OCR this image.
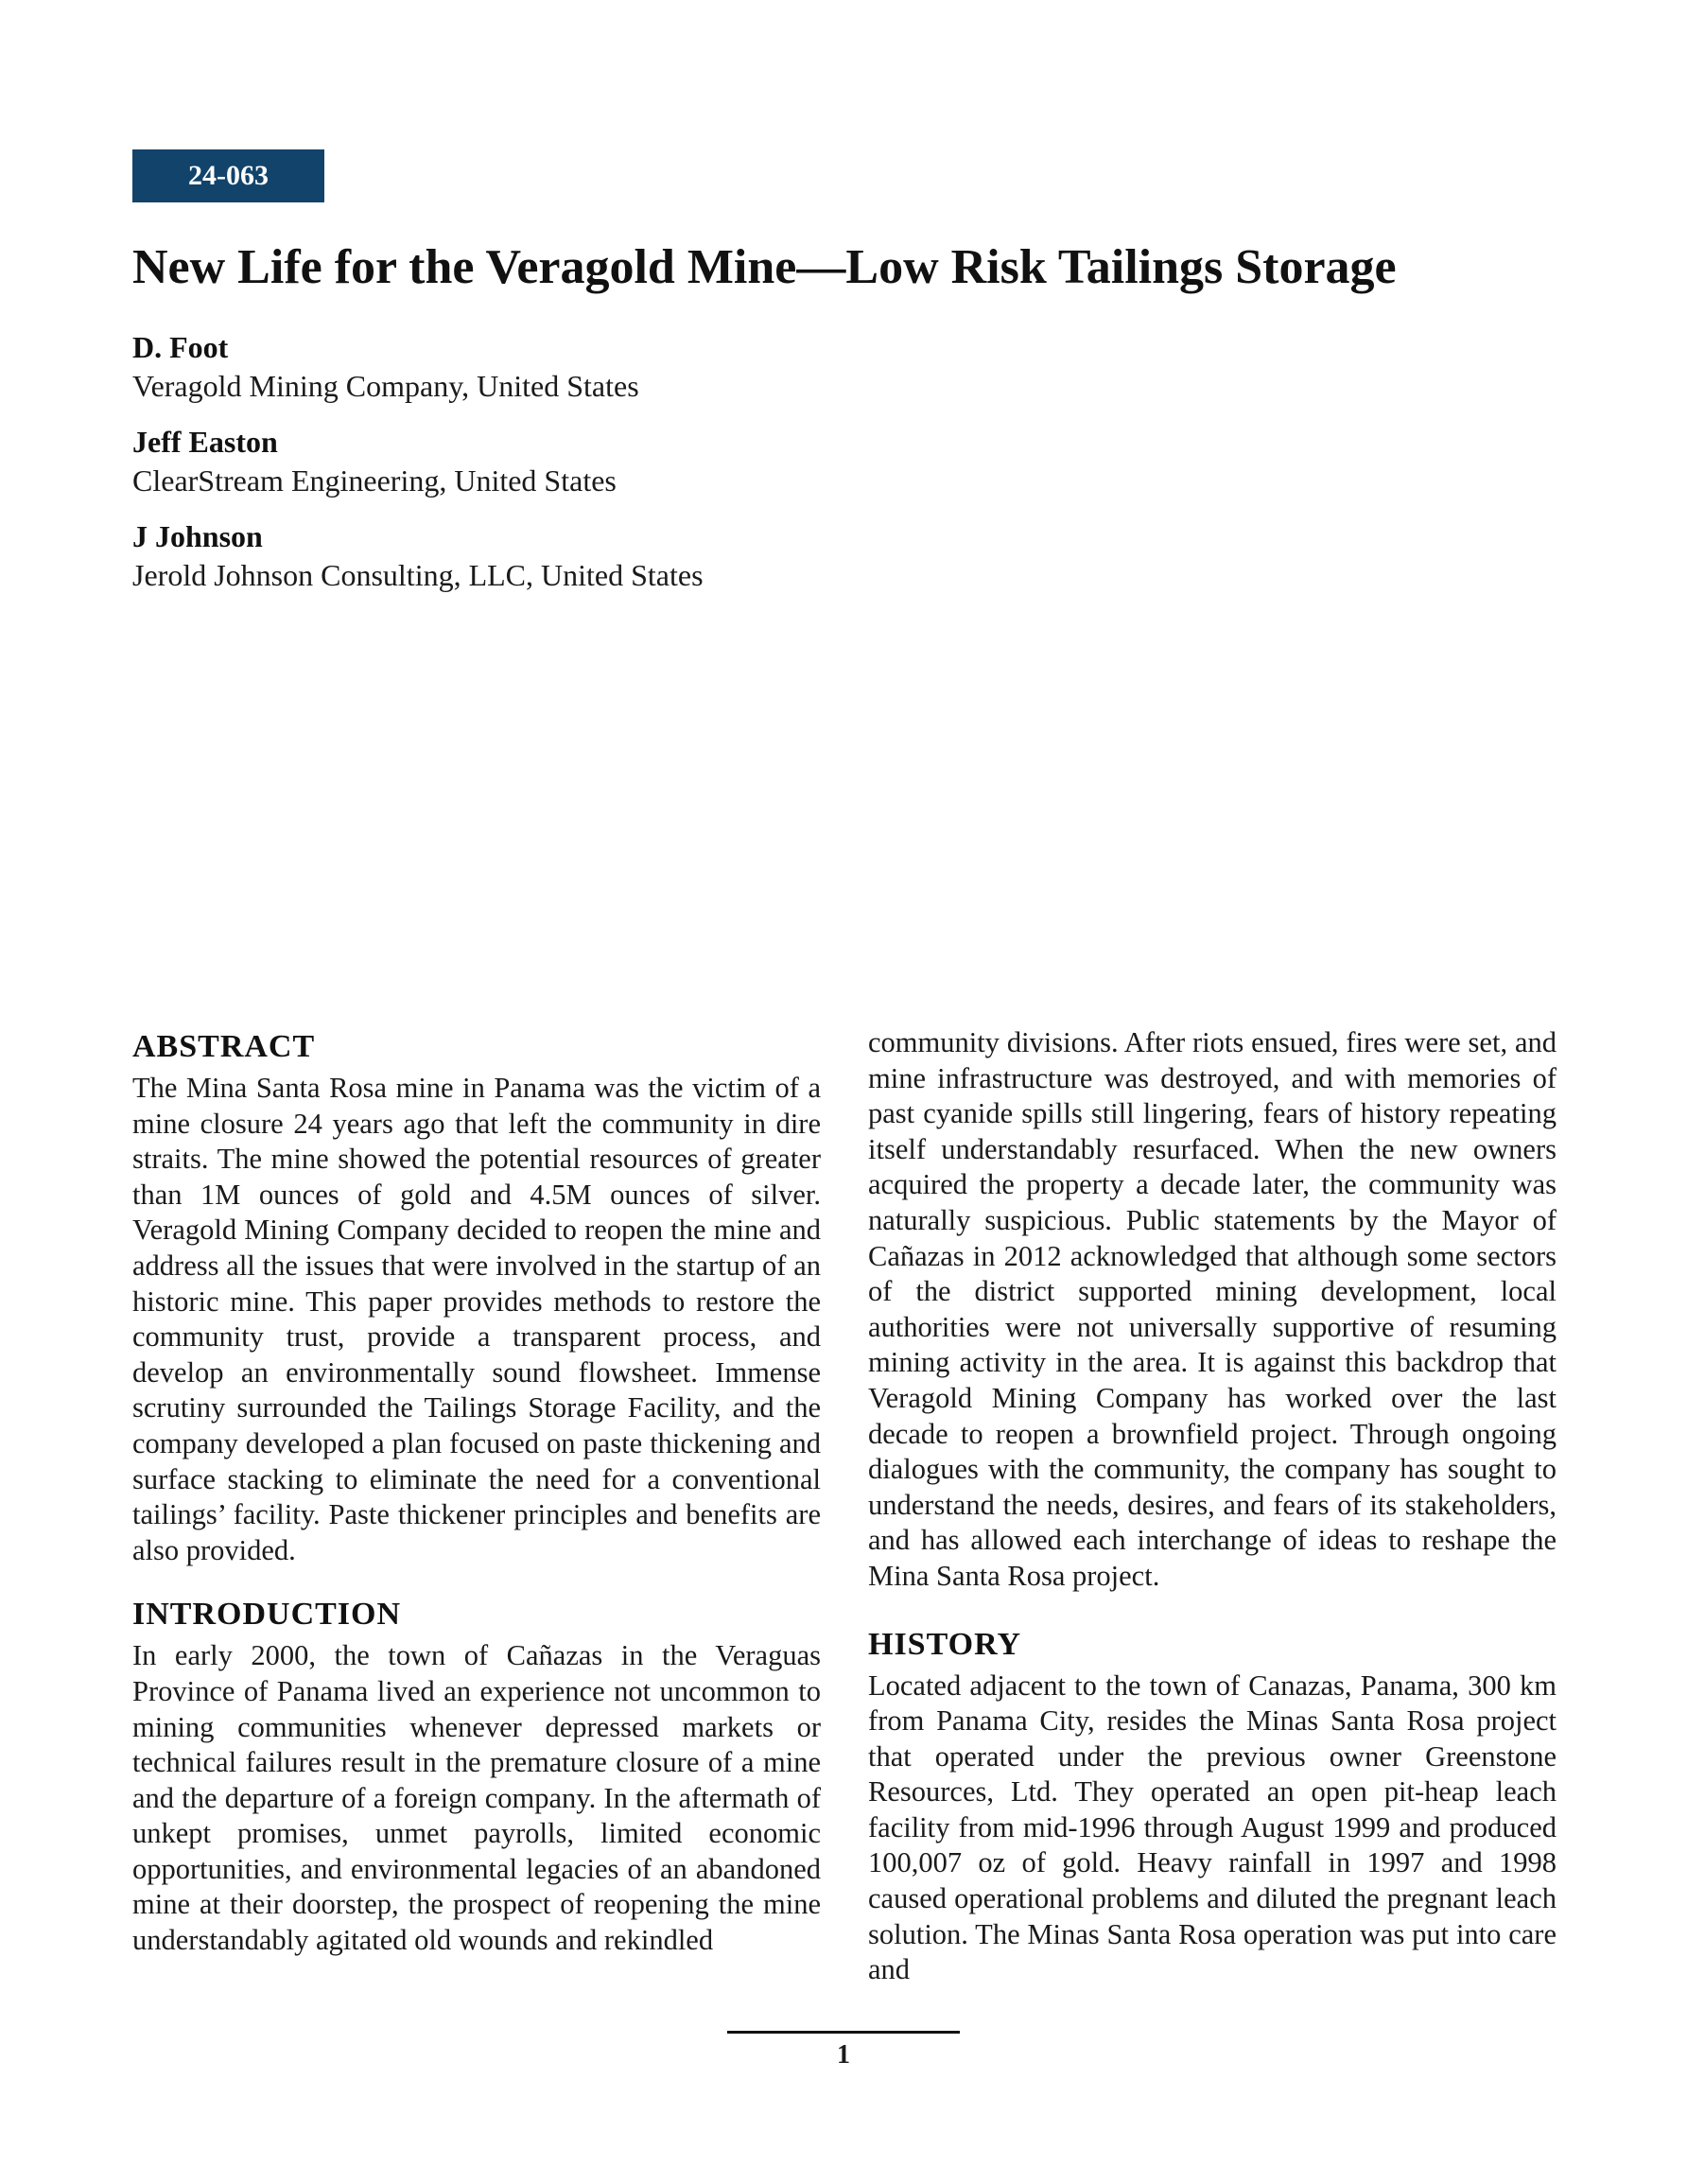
24-063
New Life for the Veragold Mine—Low Risk Tailings Storage
D. Foot
Veragold Mining Company, United States
Jeff Easton
ClearStream Engineering, United States
J Johnson
Jerold Johnson Consulting, LLC, United States
ABSTRACT

The Mina Santa Rosa mine in Panama was the victim of a mine closure 24 years ago that left the community in dire straits. The mine showed the potential resources of greater than 1M ounces of gold and 4.5M ounces of silver. Veragold Mining Company decided to reopen the mine and address all the issues that were involved in the startup of an historic mine. This paper provides methods to restore the community trust, provide a transparent process, and develop an environmentally sound flowsheet. Immense scrutiny surrounded the Tailings Storage Facility, and the company developed a plan focused on paste thickening and surface stacking to eliminate the need for a conventional tailings’ facility. Paste thickener principles and benefits are also provided.

INTRODUCTION

In early 2000, the town of Cañazas in the Veraguas Province of Panama lived an experience not uncommon to mining communities whenever depressed markets or technical failures result in the premature closure of a mine and the departure of a foreign company. In the aftermath of unkept promises, unmet payrolls, limited economic opportunities, and environmental legacies of an abandoned mine at their doorstep, the prospect of reopening the mine understandably agitated old wounds and rekindled

community divisions. After riots ensued, fires were set, and mine infrastructure was destroyed, and with memories of past cyanide spills still lingering, fears of history repeating itself understandably resurfaced. When the new owners acquired the property a decade later, the community was naturally suspicious. Public statements by the Mayor of Cañazas in 2012 acknowledged that although some sectors of the district supported mining development, local authorities were not universally supportive of resuming mining activity in the area. It is against this backdrop that Veragold Mining Company has worked over the last decade to reopen a brownfield project. Through ongoing dialogues with the community, the company has sought to understand the needs, desires, and fears of its stakeholders, and has allowed each interchange of ideas to reshape the Mina Santa Rosa project.

HISTORY

Located adjacent to the town of Canazas, Panama, 300 km from Panama City, resides the Minas Santa Rosa project that operated under the previous owner Greenstone Resources, Ltd. They operated an open pit-heap leach facility from mid-1996 through August 1999 and produced 100,007 oz of gold. Heavy rainfall in 1997 and 1998 caused operational problems and diluted the pregnant leach solution. The Minas Santa Rosa operation was put into care and

1
